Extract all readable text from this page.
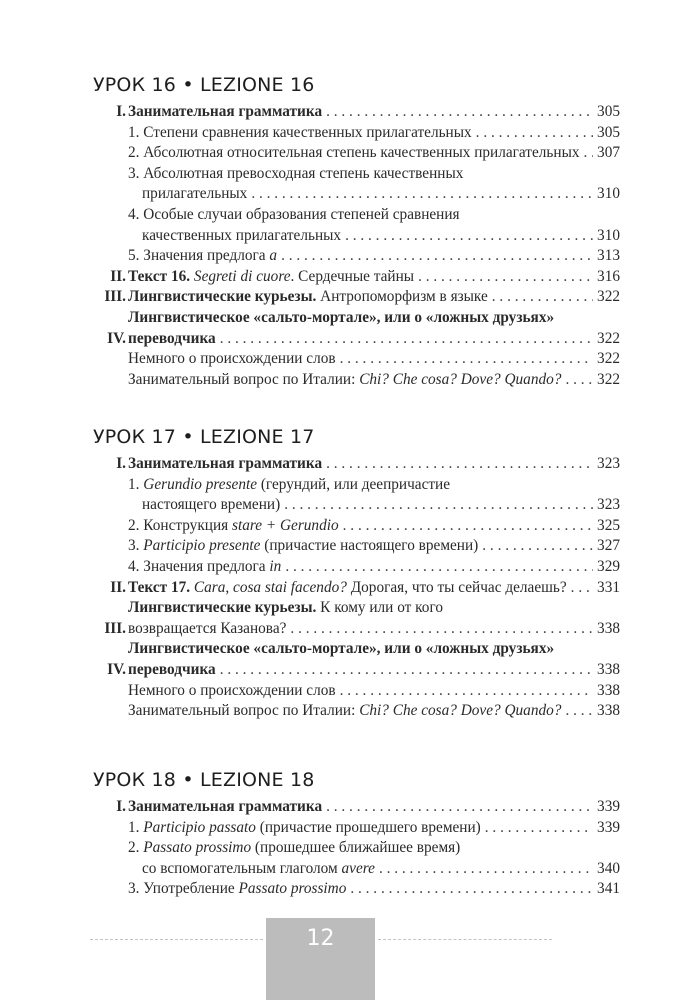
УРОК 16 • LEZIONE 16
I. Занимательная грамматика . . .	305
1. Степени сравнения качественных прилагательных . . .	305
2. Абсолютная относительная степень качественных прилагательных . . . 307
3. Абсолютная превосходная степень качественных
прилагательных . . .	310
4. Особые случаи образования степеней сравнения
качественных прилагательных . . .	310
5. Значения предлога a . . .	313
II. Текст 16. Segreti di cuore. Сердечные тайны . . .	316
III. Лингвистические курьезы. Антропоморфизм в языке . . .	322
IV.
Лингвистическое «сальто-мортале», или о «ложных друзьях»
переводчика . . .	322
Немного о происхождении слов . . .	322
Занимательный вопрос по Италии: Chi? Che cosa? Dove? Quando? . . . 322
УРОК 17 • LEZIONE 17
I. Занимательная грамматика . . .	323
1. Gerundio presente (герундий, или деепричастие
настоящего времени) . . .	323
2. Конструкция stare + Gerundio . . .	325
3. Participio presente (причастие настоящего времени) . . .	327
4. Значения предлога in . . .	329
II. Текст 17. Cara, cosa stai facendo? Дорогая, что ты сейчас делаешь? . . . 331
III.
Лингвистические курьезы. К кому или от кого
возвращается Казанова? . . .	338
IV.
Лингвистическое «сальто-мортале», или о «ложных друзьях»
переводчика . . .	338
Немного о происхождении слов . . .	338
Занимательный вопрос по Италии: Chi? Che cosa? Dove? Quando? . . . 338
УРОК 18 • LEZIONE 18
I. Занимательная грамматика . . .	339
1. Participio passato (причастие прошедшего времени) . . .	339
2. Passato prossimo (прошедшее ближайшее время)
со вспомогательным глаголом avere . . .	340
3. Употребление Passato prossimo . . .	341
12
